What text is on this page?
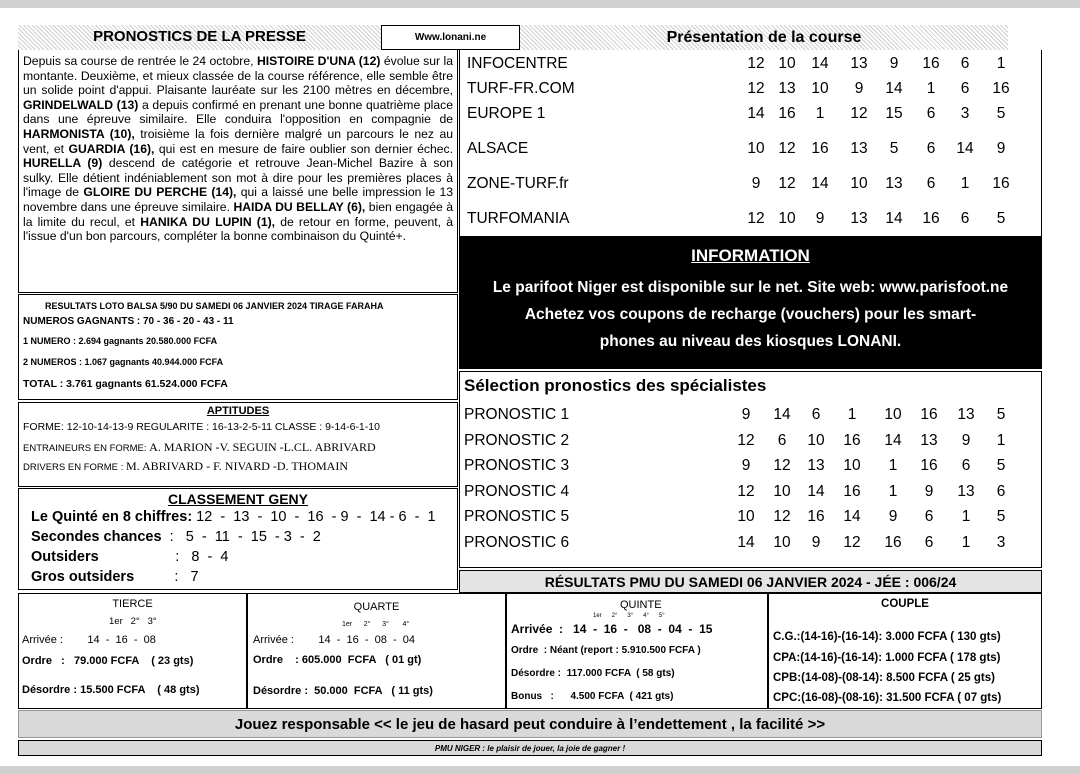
PRONOSTICS DE LA PRESSE	Www.lonani.ne	Présentation de la course
Depuis sa course de rentrée le 24 octobre, HISTOIRE D'UNA (12) évolue sur la montante. Deuxième, et mieux classée de la course référence, elle semble être un solide point d'appui. Plaisante lauréate sur les 2100 mètres en décembre, GRINDELWALD (13) a depuis confirmé en prenant une bonne quatrième place dans une épreuve similaire. Elle conduira l'opposition en compagnie de HARMONISTA (10), troisième la fois dernière malgré un parcours le nez au vent, et GUARDIA (16), qui est en mesure de faire oublier son dernier échec. HURELLA (9) descend de catégorie et retrouve Jean-Michel Bazire à son sulky. Elle détient indéniablement son mot à dire pour les premières places à l'image de GLOIRE DU PERCHE (14), qui a laissé une belle impression le 13 novembre dans une épreuve similaire. HAIDA DU BELLAY (6), bien engagée à la limite du recul, et HANIKA DU LUPIN (1), de retour en forme, peuvent, à l'issue d'un bon parcours, compléter la bonne combinaison du Quinté+.
RESULTATS LOTO BALSA 5/90 DU SAMEDI 06 JANVIER 2024 TIRAGE FARAHA
NUMEROS GAGNANTS : 70 - 36 - 20 - 43 - 11
1 NUMERO : 2.694 gagnants 20.580.000 FCFA
2 NUMEROS : 1.067 gagnants 40.944.000 FCFA
TOTAL : 3.761 gagnants 61.524.000 FCFA
APTITUDES
FORME: 12-10-14-13-9 REGULARITE : 16-13-2-5-11 CLASSE : 9-14-6-1-10
ENTRAINEURS EN FORME: A. MARION -V. SEGUIN -L.CL. ABRIVARD
DRIVERS EN FORME : M. ABRIVARD - F. NIVARD -D. THOMAIN
CLASSEMENT GENY
Le Quinté en 8 chiffres: 12  -  13  -  10  -  16  - 9  -  14 - 6  -  1
Secondes chances  :   5  -  11  -  15  - 3  -  2
Outsiders                   :   8  -  4
Gros outsiders          :   7
INFOCENTRE	12 10	14	13	9	16	6	1
TURF-FR.COM	12 13	10	9	14	1	6	16
EUROPE 1	14 16	1	12	15	6	3	5
ALSACE	10 12	16	13	5	6	14	9
ZONE-TURF.fr	9	12	14	10	13	6	1	16
TURFOMANIA	12 10	9	13	14	16	6	5
INFORMATION
Le parifoot Niger est disponible sur le net. Site web: www.parisfoot.ne
Achetez vos coupons de recharge (vouchers) pour les smart-
phones au niveau des kiosques LONANI.
Sélection pronostics des spécialistes
PRONOSTIC 1	9	14	6	1	10	16	13	5
PRONOSTIC 2	12	6	10	16	14	13	9	1
PRONOSTIC 3	9	12	13	10	1	16	6	5
PRONOSTIC 4	12	10	14	16	1	9	13	6
PRONOSTIC 5	10	12	16	14	9	6	1	5
PRONOSTIC 6	14	10	9	12	16	6	1	3
RÉSULTATS PMU DU SAMEDI 06 JANVIER 2024 - JÉE : 006/24
TIERCE
1er   2°   3°
Arrivée :        14  -  16  -  08
Ordre   :   79.000 FCFA    ( 23 gts)
Désordre : 15.500 FCFA    ( 48 gts)
QUARTE
1er      2°      3°       4°
Arrivée :        14  -  16  -  08  -  04
Ordre    : 605.000  FCFA   ( 01 gt)
Désordre :  50.000  FCFA   ( 11 gts)
QUINTE
1er      2°      3°      4°      5°
Arrivée  : 14  -  16  -   08  -  04  -  15
Ordre  : Néant (report : 5.910.500 FCFA )
Désordre :  117.000 FCFA  ( 58 gts)
Bonus   :      4.500 FCFA  ( 421 gts)
COUPLE
C.G.:(14-16)-(16-14): 3.000 FCFA ( 130 gts)
CPA:(14-16)-(16-14): 1.000 FCFA ( 178 gts)
CPB:(14-08)-(08-14): 8.500 FCFA ( 25 gts)
CPC:(16-08)-(08-16): 31.500 FCFA ( 07 gts)
Jouez responsable << le jeu de hasard peut conduire à l’endettement , la facilité >>
PMU NIGER : le plaisir de jouer, la joie de gagner !
